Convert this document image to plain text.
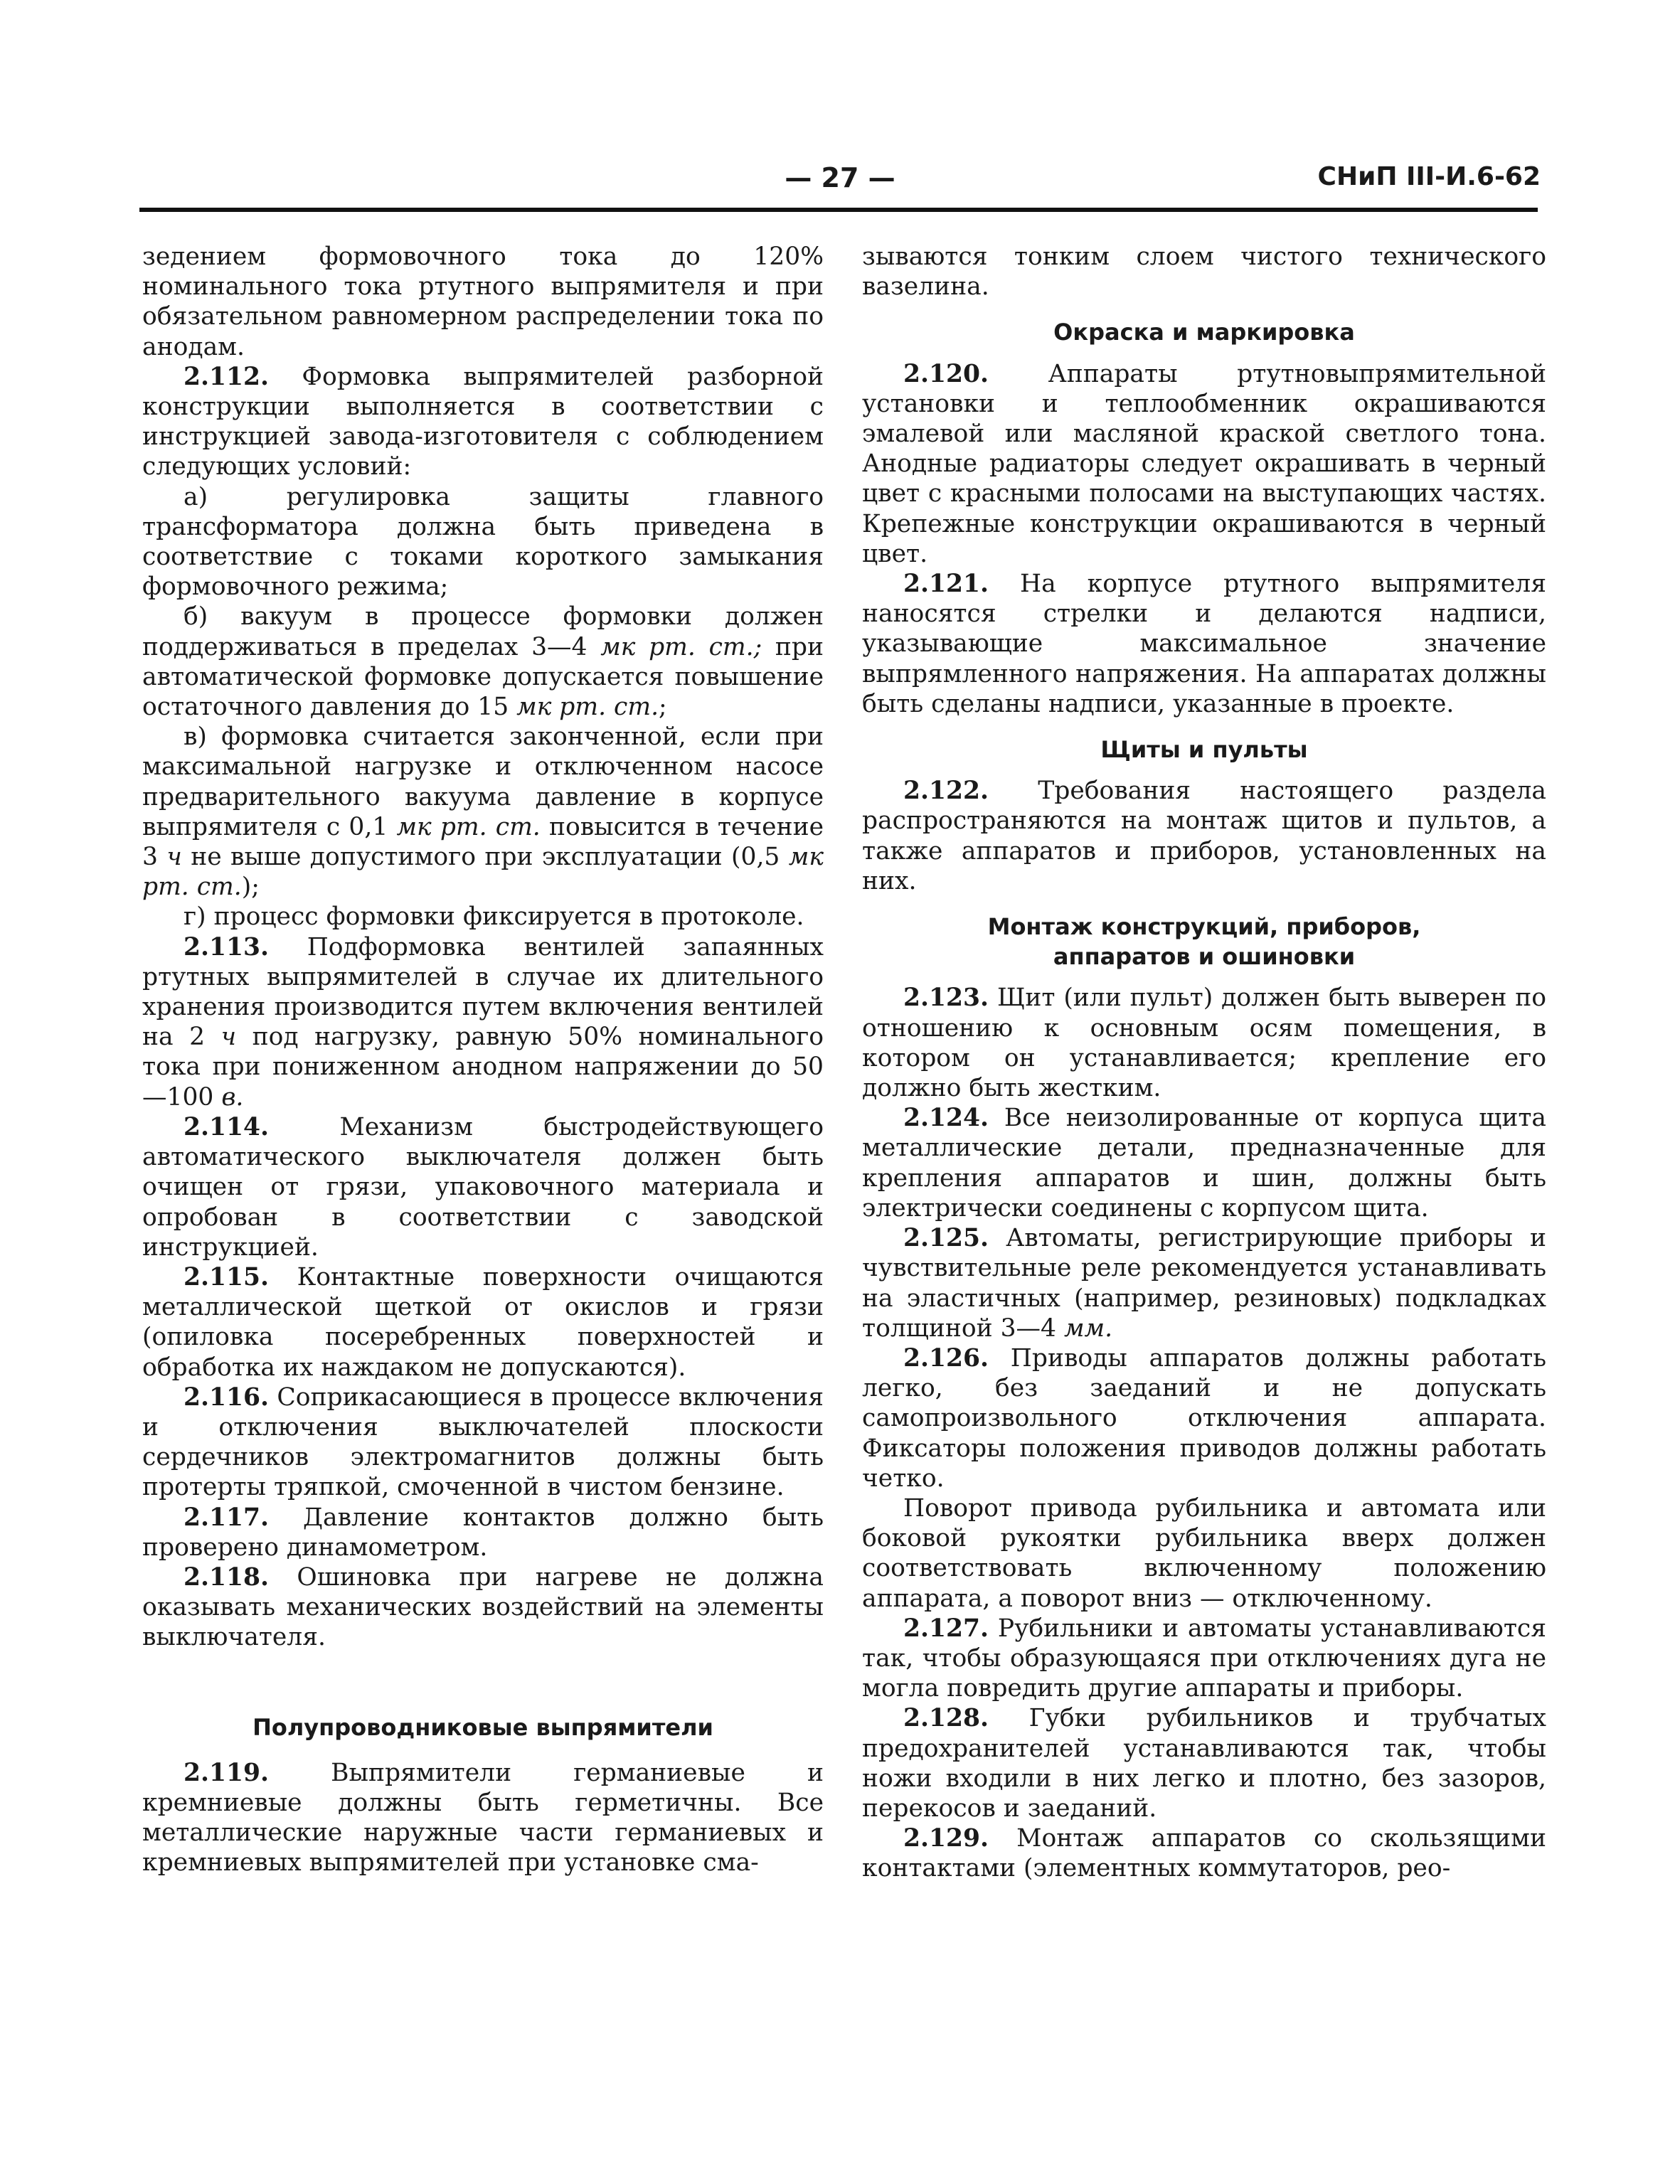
— 27 —	СНиП III-И.6-62

зедением формовочного тока до 120% номинального тока ртутного выпрямителя и при обязательном равномерном распределении тока по анодам.

2.112. Формовка выпрямителей разборной конструкции выполняется в соответствии с инструкцией завода-изготовителя с соблюдением следующих условий:

а) регулировка защиты главного трансформатора должна быть приведена в соответствие с токами короткого замыкания формовочного режима;

б) вакуум в процессе формовки должен поддерживаться в пределах 3—4 мк рт. ст.; при автоматической формовке допускается повышение остаточного давления до 15 мк рт. ст.;

в) формовка считается законченной, если при максимальной нагрузке и отключенном насосе предварительного вакуума давление в корпусе выпрямителя с 0,1 мк рт. ст. повысится в течение 3 ч не выше допустимого при эксплуатации (0,5 мк рт. ст.);

г) процесс формовки фиксируется в протоколе.

2.113. Подформовка вентилей запаянных ртутных выпрямителей в случае их длительного хранения производится путем включения вентилей на 2 ч под нагрузку, равную 50% номинального тока при пониженном анодном напряжении до 50—100 в.

2.114. Механизм быстродействующего автоматического выключателя должен быть очищен от грязи, упаковочного материала и опробован в соответствии с заводской инструкцией.

2.115. Контактные поверхности очищаются металлической щеткой от окислов и грязи (опиловка посеребренных поверхностей и обработка их наждаком не допускаются).

2.116. Соприкасающиеся в процессе включения и отключения выключателей плоскости сердечников электромагнитов должны быть протерты тряпкой, смоченной в чистом бензине.

2.117. Давление контактов должно быть проверено динамометром.

2.118. Ошиновка при нагреве не должна оказывать механических воздействий на элементы выключателя.

Полупроводниковые выпрямители

2.119. Выпрямители германиевые и кремниевые должны быть герметичны. Все металлические наружные части германиевых и кремниевых выпрямителей при установке сма-

зываются тонким слоем чистого технического вазелина.

Окраска и маркировка

2.120. Аппараты ртутновыпрямительной установки и теплообменник окрашиваются эмалевой или масляной краской светлого тона. Анодные радиаторы следует окрашивать в черный цвет с красными полосами на выступающих частях. Крепежные конструкции окрашиваются в черный цвет.

2.121. На корпусе ртутного выпрямителя наносятся стрелки и делаются надписи, указывающие максимальное значение выпрямленного напряжения. На аппаратах должны быть сделаны надписи, указанные в проекте.

Щиты и пульты

2.122. Требования настоящего раздела распространяются на монтаж щитов и пультов, а также аппаратов и приборов, установленных на них.

Монтаж конструкций, приборов,
аппаратов и ошиновки

2.123. Щит (или пульт) должен быть выверен по отношению к основным осям помещения, в котором он устанавливается; крепление его должно быть жестким.

2.124. Все неизолированные от корпуса щита металлические детали, предназначенные для крепления аппаратов и шин, должны быть электрически соединены с корпусом щита.

2.125. Автоматы, регистрирующие приборы и чувствительные реле рекомендуется устанавливать на эластичных (например, резиновых) подкладках толщиной 3—4 мм.

2.126. Приводы аппаратов должны работать легко, без заеданий и не допускать самопроизвольного отключения аппарата. Фиксаторы положения приводов должны работать четко.

Поворот привода рубильника и автомата или боковой рукоятки рубильника вверх должен соответствовать включенному положению аппарата, а поворот вниз — отключенному.

2.127. Рубильники и автоматы устанавливаются так, чтобы образующаяся при отключениях дуга не могла повредить другие аппараты и приборы.

2.128. Губки рубильников и трубчатых предохранителей устанавливаются так, чтобы ножи входили в них легко и плотно, без зазоров, перекосов и заеданий.

2.129. Монтаж аппаратов со скользящими контактами (элементных коммутаторов, рео-
